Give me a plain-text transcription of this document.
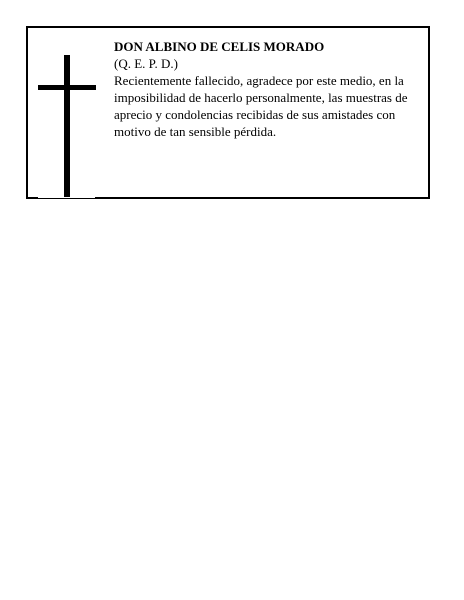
DON ALBINO DE CELIS MORADO

(Q. E. P. D.)

Recientemente fallecido, agradece por este medio, en la imposibilidad de hacerlo personalmente, las muestras de aprecio y condolencias recibidas de sus amistades con motivo de tan sensible pérdida.
